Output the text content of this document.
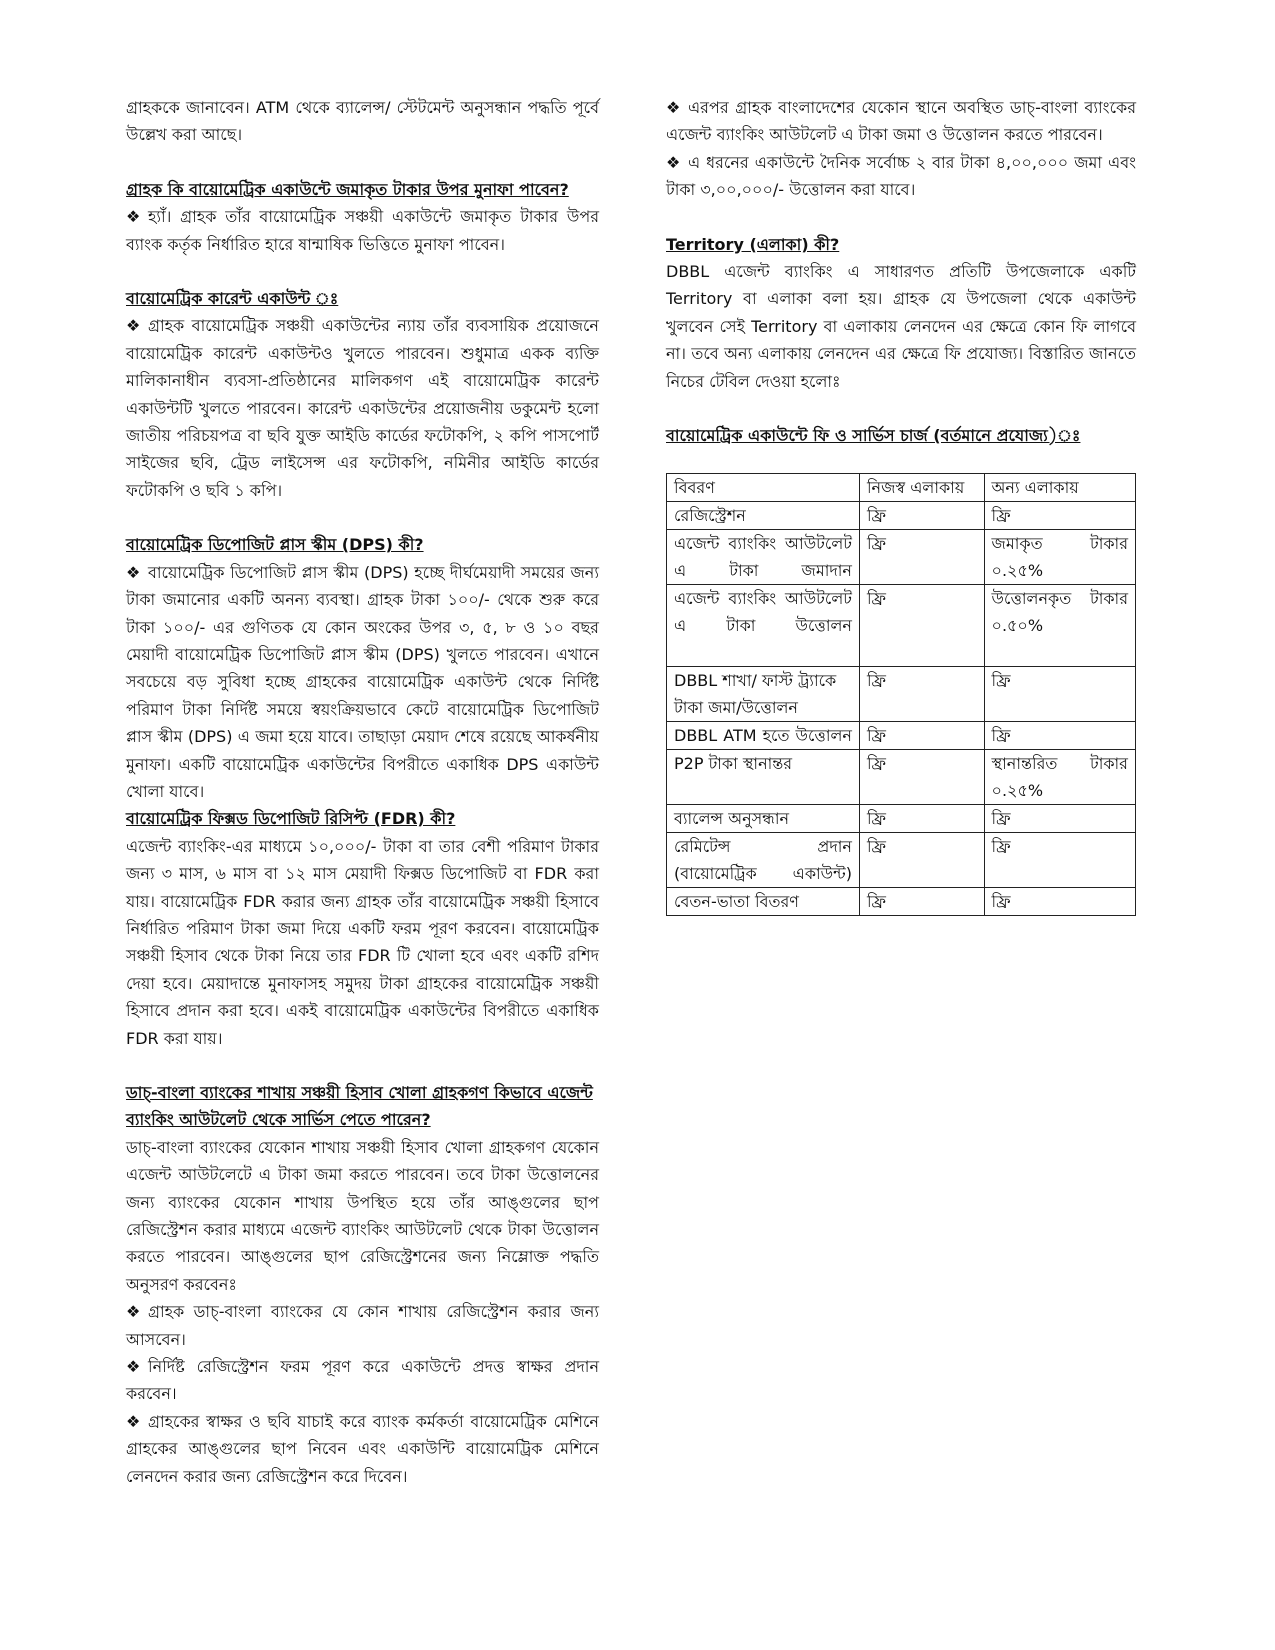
গ্রাহককে জানাবেন। ATM থেকে ব্যালেন্স/ স্টেটমেন্ট অনুসন্ধান পদ্ধতি পূর্বে উল্লেখ করা আছে।

গ্রাহক কি বায়োমেট্রিক একাউন্টে জমাকৃত টাকার উপর মুনাফা পাবেন?

❖ হ্যাঁ। গ্রাহক তাঁর বায়োমেট্রিক সঞ্চয়ী একাউন্টে জমাকৃত টাকার উপর ব্যাংক কর্তৃক নির্ধারিত হারে ষান্মাষিক ভিত্তিতে মুনাফা পাবেন।

বায়োমেট্রিক কারেন্ট একাউন্ট ঃ

❖ গ্রাহক বায়োমেট্রিক সঞ্চয়ী একাউন্টের ন্যায় তাঁর ব্যবসায়িক প্রয়োজনে বায়োমেট্রিক কারেন্ট একাউন্টও খুলতে পারবেন। শুধুমাত্র একক ব্যক্তি মালিকানাধীন ব্যবসা-প্রতিষ্ঠানের মালিকগণ এই বায়োমেট্রিক কারেন্ট একাউন্টটি খুলতে পারবেন। কারেন্ট একাউন্টের প্রয়োজনীয় ডকুমেন্ট হলো জাতীয় পরিচয়পত্র বা ছবি যুক্ত আইডি কার্ডের ফটোকপি, ২ কপি পাসপোর্ট সাইজের ছবি, ট্রেড লাইসেন্স এর ফটোকপি, নমিনীর আইডি কার্ডের ফটোকপি ও ছবি ১ কপি।

বায়োমেট্রিক ডিপোজিট প্লাস স্কীম (DPS) কী?

❖ বায়োমেট্রিক ডিপোজিট প্লাস স্কীম (DPS) হচ্ছে দীর্ঘমেয়াদী সময়ের জন্য টাকা জমানোর একটি অনন্য ব্যবস্থা। গ্রাহক টাকা ১০০/- থেকে শুরু করে টাকা ১০০/- এর গুণিতক যে কোন অংকের উপর ৩, ৫, ৮ ও ১০ বছর মেয়াদী বায়োমেট্রিক ডিপোজিট প্লাস স্কীম (DPS) খুলতে পারবেন। এখানে সবচেয়ে বড় সুবিধা হচ্ছে গ্রাহকের বায়োমেট্রিক একাউন্ট থেকে নির্দিষ্ট পরিমাণ টাকা নির্দিষ্ট সময়ে স্বয়ংক্রিয়ভাবে কেটে বায়োমেট্রিক ডিপোজিট প্লাস স্কীম (DPS) এ জমা হয়ে যাবে। তাছাড়া মেয়াদ শেষে রয়েছে আকর্ষনীয় মুনাফা। একটি বায়োমেট্রিক একাউন্টের বিপরীতে একাধিক DPS একাউন্ট খোলা যাবে।

বায়োমেট্রিক ফিক্সড ডিপোজিট রিসিপ্ট (FDR) কী?

এজেন্ট ব্যাংকিং-এর মাধ্যমে ১০,০০০/- টাকা বা তার বেশী পরিমাণ টাকার জন্য ৩ মাস, ৬ মাস বা ১২ মাস মেয়াদী ফিক্সড ডিপোজিট বা FDR করা যায়। বায়োমেট্রিক FDR করার জন্য গ্রাহক তাঁর বায়োমেট্রিক সঞ্চয়ী হিসাবে নির্ধারিত পরিমাণ টাকা জমা দিয়ে একটি ফরম পূরণ করবেন। বায়োমেট্রিক সঞ্চয়ী হিসাব থেকে টাকা নিয়ে তার FDR টি খোলা হবে এবং একটি রশিদ দেয়া হবে। মেয়াদান্তে মুনাফাসহ সমুদয় টাকা গ্রাহকের বায়োমেট্রিক সঞ্চয়ী হিসাবে প্রদান করা হবে। একই বায়োমেট্রিক একাউন্টের বিপরীতে একাধিক FDR করা যায়।

ডাচ্-বাংলা ব্যাংকের শাখায় সঞ্চয়ী হিসাব খোলা গ্রাহকগণ কিভাবে এজেন্ট ব্যাংকিং আউটলেট থেকে সার্ভিস পেতে পারেন?

ডাচ্-বাংলা ব্যাংকের যেকোন শাখায় সঞ্চয়ী হিসাব খোলা গ্রাহকগণ যেকোন এজেন্ট আউটলেটে এ টাকা জমা করতে পারবেন। তবে টাকা উত্তোলনের জন্য ব্যাংকের যেকোন শাখায় উপস্থিত হয়ে তাঁর আঙ্গুলের ছাপ রেজিস্ট্রেশন করার মাধ্যমে এজেন্ট ব্যাংকিং আউটলেট থেকে টাকা উত্তোলন করতে পারবেন। আঙ্গুলের ছাপ রেজিস্ট্রেশনের জন্য নিম্লোক্ত পদ্ধতি অনুসরণ করবেনঃ

❖ গ্রাহক ডাচ্-বাংলা ব্যাংকের যে কোন শাখায় রেজিস্ট্রেশন করার জন্য আসবেন।

❖ নির্দিষ্ট রেজিস্ট্রেশন ফরম পূরণ করে একাউন্টে প্রদত্ত স্বাক্ষর প্রদান করবেন।

❖ গ্রাহকের স্বাক্ষর ও ছবি যাচাই করে ব্যাংক কর্মকর্তা বায়োমেট্রিক মেশিনে গ্রাহকের আঙ্গুলের ছাপ নিবেন এবং একাউন্টি বায়োমেট্রিক মেশিনে লেনদেন করার জন্য রেজিস্ট্রেশন করে দিবেন।

❖ এরপর গ্রাহক বাংলাদেশের যেকোন স্থানে অবস্থিত ডাচ্-বাংলা ব্যাংকের এজেন্ট ব্যাংকিং আউটলেট এ টাকা জমা ও উত্তোলন করতে পারবেন।

❖ এ ধরনের একাউন্টে দৈনিক সর্বোচ্চ ২ বার টাকা ৪,০০,০০০ জমা এবং টাকা ৩,০০,০০০/- উত্তোলন করা যাবে।

Territory (এলাকা) কী?

DBBL এজেন্ট ব্যাংকিং এ সাধারণত প্রতিটি উপজেলাকে একটি Territory বা এলাকা বলা হয়। গ্রাহক যে উপজেলা থেকে একাউন্ট খুলবেন সেই Territory বা এলাকায় লেনদেন এর ক্ষেত্রে কোন ফি লাগবে না। তবে অন্য এলাকায় লেনদেন এর ক্ষেত্রে ফি প্রযোজ্য। বিস্তারিত জানতে নিচের টেবিল দেওয়া হলোঃ

বায়োমেট্রিক একাউন্টে ফি ও সার্ভিস চার্জ (বর্তমানে প্রযোজ্য)ঃ
বিবরণ	নিজস্ব এলাকায়	অন্য এলাকায়
রেজিস্ট্রেশন	ফ্রি	ফ্রি
এজেন্ট ব্যাংকিং আউটলেট এ টাকা জমাদান	ফ্রি	জমাকৃত টাকার ০.২৫%
এজেন্ট ব্যাংকিং আউটলেট এ টাকা উত্তোলন	ফ্রি	উত্তোলনকৃত টাকার ০.৫০%
DBBL শাখা/ ফাস্ট ট্র্যাকে টাকা জমা/উত্তোলন	ফ্রি	ফ্রি
DBBL ATM হতে উত্তোলন	ফ্রি	ফ্রি
P2P টাকা স্থানান্তর	ফ্রি	স্থানান্তরিত টাকার ০.২৫%
ব্যালেন্স অনুসন্ধান	ফ্রি	ফ্রি
রেমিটেন্স প্রদান (বায়োমেট্রিক একাউন্ট)	ফ্রি	ফ্রি
বেতন-ভাতা বিতরণ	ফ্রি	ফ্রি
